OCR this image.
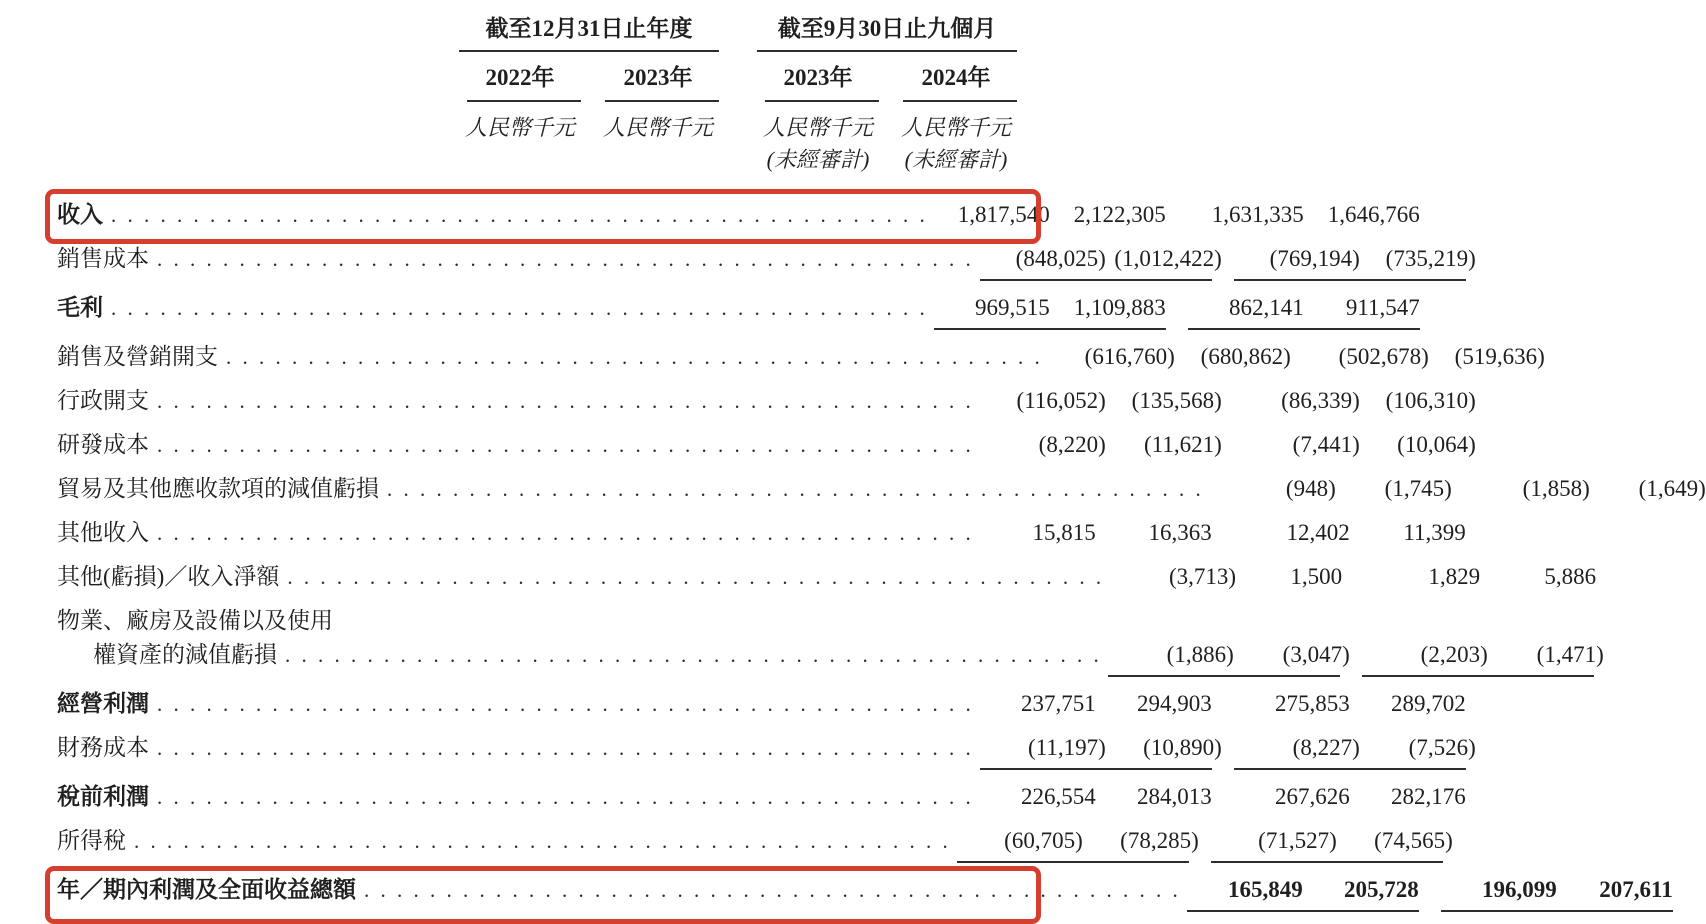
截至12月31日止年度
2022年	2023年
人民幣千元	人民幣千元
截至9月30日止九個月
2023年	2024年
人民幣千元	人民幣千元
(未經審計)	(未經審計)
收入 . . .	1,817,540 2,122,305 1,631,335 1,646,766
銷售成本 . . .	(848,025) (1,012,422) (769,194) (735,219)
毛利 . . .	969,515 1,109,883	862,141 911,547
銷售及營銷開支 . . .	(616,760) (680,862) (502,678) (519,636)
行政開支 . . .	(116,052) (135,568)	(86,339) (106,310)
研發成本 . . .	(8,220) (11,621)	(7,441) (10,064)
貿易及其他應收款項的減值虧損 . . .	(948) (1,745)	(1,858) (1,649)
其他收入 . . .	15,815 16,363	12,402 11,399
其他(虧損)／收入淨額 . . .	(3,713) 1,500	1,829	5,886
物業、廠房及設備以及使用
權資產的減值虧損 . . .	(1,886) (3,047)	(2,203) (1,471)
經營利潤 . . .	237,751 294,903	275,853 289,702
財務成本 . . .	(11,197) (10,890)	(8,227) (7,526)
稅前利潤 . . .	226,554 284,013	267,626 282,176
所得稅 . . .	(60,705) (78,285)	(71,527) (74,565)
年／期內利潤及全面收益總額 . . .	165,849 205,728	196,099 207,611
